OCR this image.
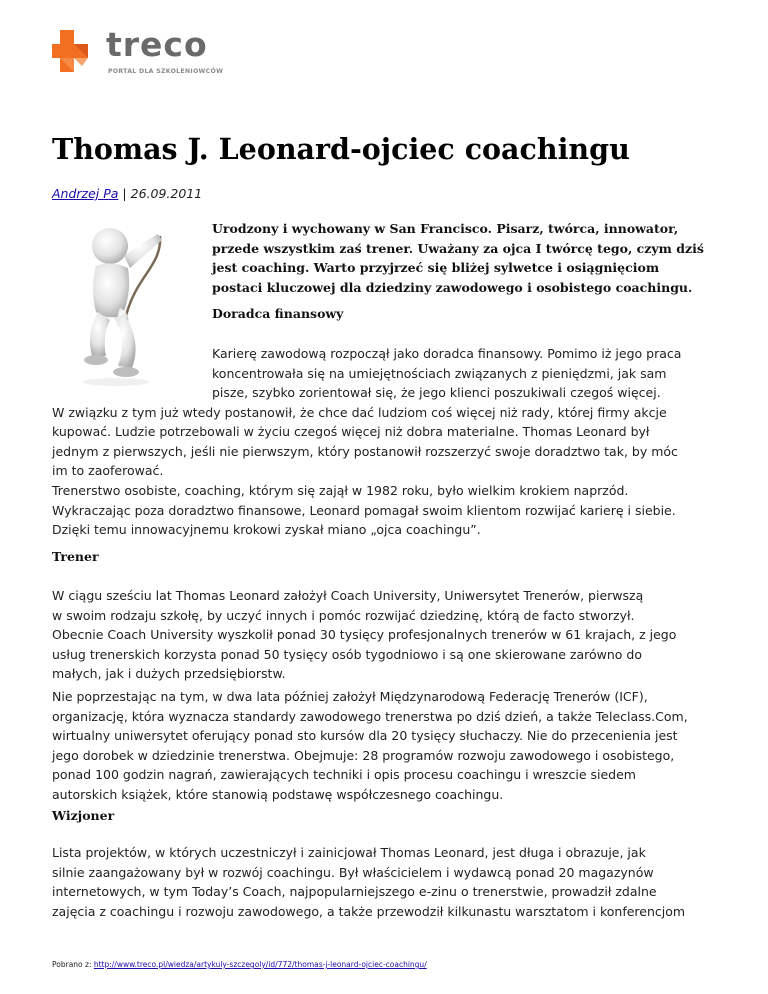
treco
PORTAL DLA SZKOLENIOWCÓW
Thomas J. Leonard-ojciec coachingu
Andrzej Pa | 26.09.2011
Urodzony i wychowany w San Francisco. Pisarz, twórca, innowator, przede wszystkim zaś trener. Uważany za ojca I twórcę tego, czym dziś jest coaching. Warto przyjrzeć się bliżej sylwetce i osiągnięciom postaci kluczowej dla dziedziny zawodowego i osobistego coachingu.
Doradca finansowy
Karierę zawodową rozpoczął jako doradca finansowy. Pomimo iż jego praca
koncentrowała się na umiejętnościach związanych z pieniędzmi, jak sam
pisze, szybko zorientował się, że jego klienci poszukiwali czegoś więcej.
W związku z tym już wtedy postanowił, że chce dać ludziom coś więcej niż rady, której firmy akcje
kupować. Ludzie potrzebowali w życiu czegoś więcej niż dobra materialne. Thomas Leonard był
jednym z pierwszych, jeśli nie pierwszym, który postanowił rozszerzyć swoje doradztwo tak, by móc
im to zaoferować.
Trenerstwo osobiste, coaching, którym się zajął w 1982 roku, było wielkim krokiem naprzód.
Wykraczając poza doradztwo finansowe, Leonard pomagał swoim klientom rozwijać karierę i siebie.
Dzięki temu innowacyjnemu krokowi zyskał miano „ojca coachingu”.
Trener
W ciągu sześciu lat Thomas Leonard założył Coach University, Uniwersytet Trenerów, pierwszą
w swoim rodzaju szkołę, by uczyć innych i pomóc rozwijać dziedzinę, którą de facto stworzył.
Obecnie Coach University wyszkolił ponad 30 tysięcy profesjonalnych trenerów w 61 krajach, z jego
usług trenerskich korzysta ponad 50 tysięcy osób tygodniowo i są one skierowane zarówno do
małych, jak i dużych przedsiębiorstw.
Nie poprzestając na tym, w dwa lata później założył Międzynarodową Federację Trenerów (ICF),
organizację, która wyznacza standardy zawodowego trenerstwa po dziś dzień, a także Teleclass.Com,
wirtualny uniwersytet oferujący ponad sto kursów dla 20 tysięcy słuchaczy. Nie do przecenienia jest
jego dorobek w dziedzinie trenerstwa. Obejmuje: 28 programów rozwoju zawodowego i osobistego,
ponad 100 godzin nagrań, zawierających techniki i opis procesu coachingu i wreszcie siedem
autorskich książek, które stanowią podstawę współczesnego coachingu.
Wizjoner
Lista projektów, w których uczestniczył i zainicjował Thomas Leonard, jest długa i obrazuje, jak
silnie zaangażowany był w rozwój coachingu. Był właścicielem i wydawcą ponad 20 magazynów
internetowych, w tym Today’s Coach, najpopularniejszego e-zinu o trenerstwie, prowadził zdalne
zajęcia z coachingu i rozwoju zawodowego, a także przewodził kilkunastu warsztatom i konferencjom
Pobrano z: http://www.treco.pl/wiedza/artykuly-szczegoly/id/772/thomas-j-leonard-ojciec-coachingu/
